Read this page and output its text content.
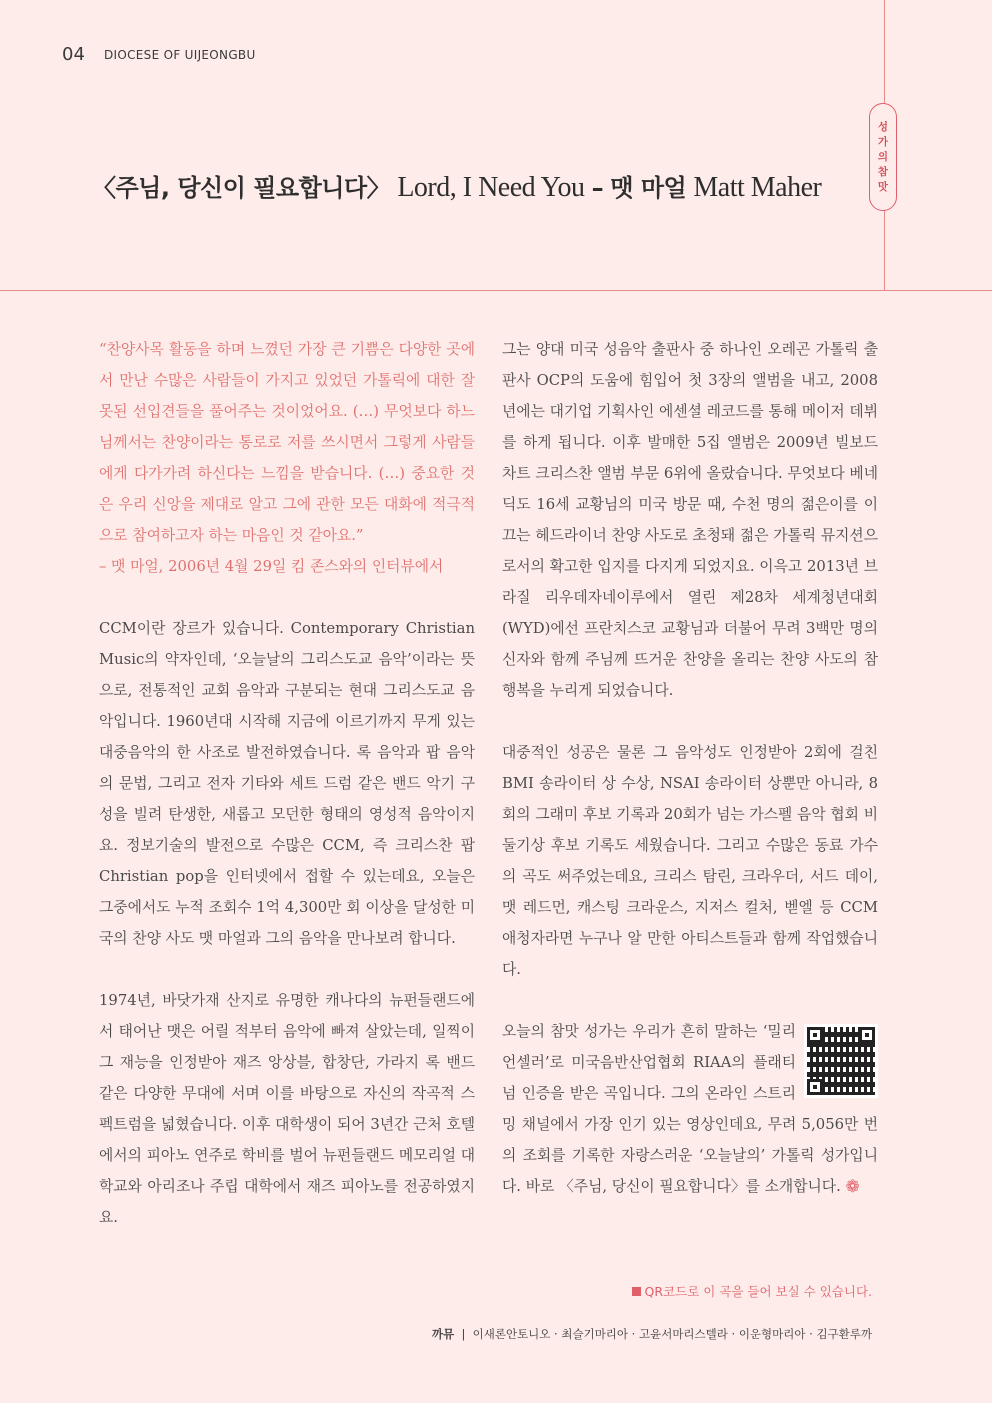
04 DIOCESE OF UIJEONGBU
성
가
의
참
맛
〈주님, 당신이 필요합니다〉 Lord, I Need You – 맷 마얼 Matt Maher

“찬양사목 활동을 하며 느꼈던 가장 큰 기쁨은 다양한 곳에서 만난 수많은 사람들이 가지고 있었던 가톨릭에 대한 잘못된 선입견들을 풀어주는 것이었어요. (…) 무엇보다 하느님께서는 찬양이라는 통로로 저를 쓰시면서 그렇게 사람들에게 다가가려 하신다는 느낌을 받습니다. (…) 중요한 것은 우리 신앙을 제대로 알고 그에 관한 모든 대화에 적극적으로 참여하고자 하는 마음인 것 같아요.”

– 맷 마얼, 2006년 4월 29일 킴 존스와의 인터뷰에서

CCM이란 장르가 있습니다. Contemporary Christian Music의 약자인데, ‘오늘날의 그리스도교 음악’이라는 뜻으로, 전통적인 교회 음악과 구분되는 현대 그리스도교 음악입니다. 1960년대 시작해 지금에 이르기까지 무게 있는 대중음악의 한 사조로 발전하였습니다. 록 음악과 팝 음악의 문법, 그리고 전자 기타와 세트 드럼 같은 밴드 악기 구성을 빌려 탄생한, 새롭고 모던한 형태의 영성적 음악이지요. 정보기술의 발전으로 수많은 CCM, 즉 크리스찬 팝 Christian pop을 인터넷에서 접할 수 있는데요, 오늘은 그중에서도 누적 조회수 1억 4,300만 회 이상을 달성한 미국의 찬양 사도 맷 마얼과 그의 음악을 만나보려 합니다.

1974년, 바닷가재 산지로 유명한 캐나다의 뉴펀들랜드에서 태어난 맷은 어릴 적부터 음악에 빠져 살았는데, 일찍이 그 재능을 인정받아 재즈 앙상블, 합창단, 가라지 록 밴드 같은 다양한 무대에 서며 이를 바탕으로 자신의 작곡적 스펙트럼을 넓혔습니다. 이후 대학생이 되어 3년간 근처 호텔에서의 피아노 연주로 학비를 벌어 뉴펀들랜드 메모리얼 대학교와 아리조나 주립 대학에서 재즈 피아노를 전공하였지요.

그는 양대 미국 성음악 출판사 중 하나인 오레곤 가톨릭 출판사 OCP의 도움에 힘입어 첫 3장의 앨범을 내고, 2008년에는 대기업 기획사인 에센셜 레코드를 통해 메이저 데뷔를 하게 됩니다. 이후 발매한 5집 앨범은 2009년 빌보드 차트 크리스찬 앨범 부문 6위에 올랐습니다. 무엇보다 베네딕도 16세 교황님의 미국 방문 때, 수천 명의 젊은이를 이끄는 헤드라이너 찬양 사도로 초청돼 젊은 가톨릭 뮤지션으로서의 확고한 입지를 다지게 되었지요. 이윽고 2013년 브라질 리우데자네이루에서 열린 제28차 세계청년대회(WYD)에선 프란치스코 교황님과 더불어 무려 3백만 명의 신자와 함께 주님께 뜨거운 찬양을 올리는 찬양 사도의 참 행복을 누리게 되었습니다.

대중적인 성공은 물론 그 음악성도 인정받아 2회에 걸친 BMI 송라이터 상 수상, NSAI 송라이터 상뿐만 아니라, 8회의 그래미 후보 기록과 20회가 넘는 가스펠 음악 협회 비둘기상 후보 기록도 세웠습니다. 그리고 수많은 동료 가수의 곡도 써주었는데요, 크리스 탐린, 크라우더, 서드 데이, 맷 레드먼, 캐스팅 크라운스, 지저스 컬처, 벧엘 등 CCM 애청자라면 누구나 알 만한 아티스트들과 함께 작업했습니다.

오늘의 참맛 성가는 우리가 흔히 말하는 ‘밀리언셀러’로 미국음반산업협회 RIAA의 플래티넘 인증을 받은 곡입니다. 그의 온라인 스트리밍 채널에서 가장 인기 있는 영상인데요, 무려 5,056만 번의 조회를 기록한 자랑스러운 ‘오늘날의’ 가톨릭 성가입니다. 바로 〈주님, 당신이 필요합니다〉를 소개합니다. ❁

QR코드로 이 곡을 들어 보실 수 있습니다.
까뮤 | 이새론안토니오 · 최슬기마리아 · 고윤서마리스텔라 · 이운형마리아 · 김구환루까
